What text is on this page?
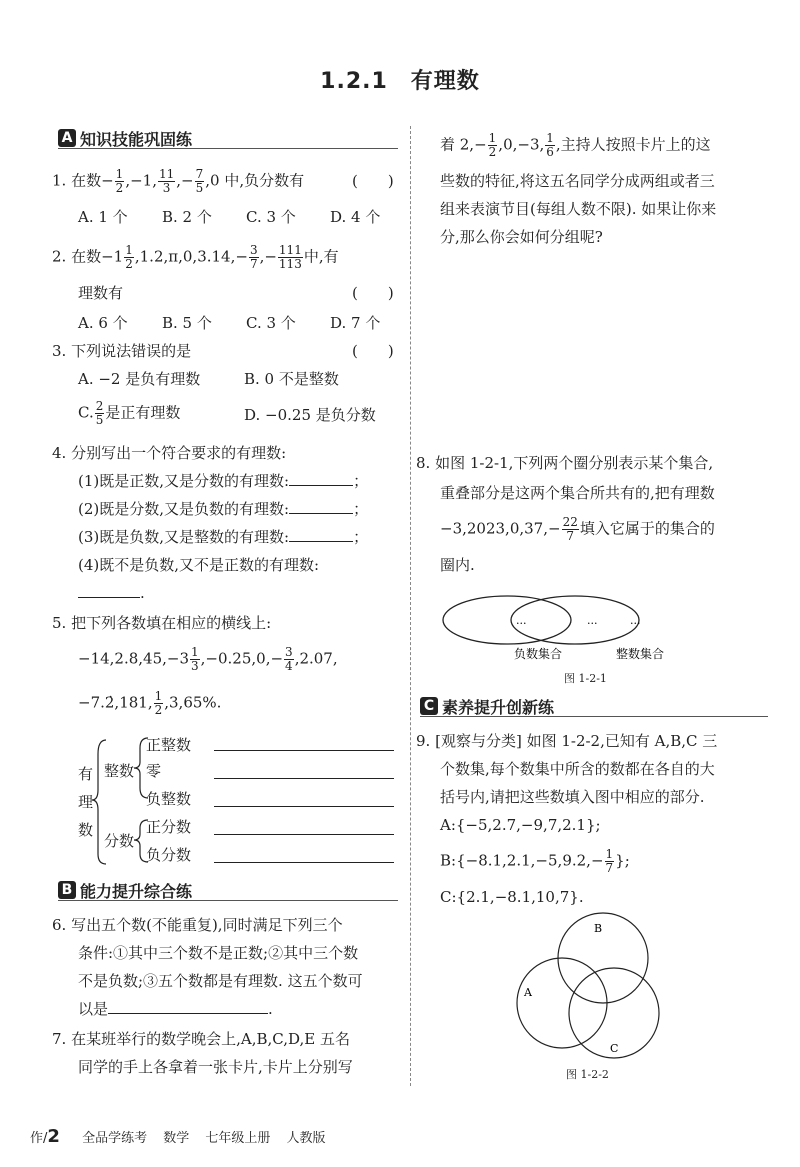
1.2.1　有理数
A 知识技能巩固练
1. 在数− $\frac{1}{2} ,-1$, $\frac{11}{3}$ ,− $\frac{7}{5} ,0$ 中,负分数有	(　　)
A. 1 个	B. 2 个	C. 3 个	D. 4 个
2. 在数$-1 \frac{1}{2} ,1.2,\pi,0,3.14,- \frac{3}{7}$ ,− $\frac{111}{113}$ 中,有
理数有	(　　)
A. 6 个	B. 5 个	C. 3 个	D. 7 个
3. 下列说法错误的是	(　　)
A. −2 是负有理数	B. 0 不是整数
C. $\frac{2}{5}$ 是正有理数	D. −0.25 是负分数
4. 分别写出一个符合要求的有理数:
(1)既是正数,又是分数的有理数:	；
(2)既是分数,又是负数的有理数:	；
(3)既是负数,又是整数的有理数:	；
(4)既不是负数,又不是正数的有理数:
.
5. 把下列各数填在相应的横线上:
$-14,2.8,45,-3 \frac{1}{3} ,-0.25,0,- \frac{3}{4} ,2.07$,
−7.2̇,181, $\frac{1}{2} ,3,65\%$.
有
理
数
整数
分数
正整数
零
负整数
正分数
负分数
B 能力提升综合练
6. 写出五个数(不能重复),同时满足下列三个
条件:①其中三个数不是正数;②其中三个数
不是负数;③五个数都是有理数. 这五个数可
以是	.
7. 在某班举行的数学晚会上,A,B,C,D,E 五名
同学的手上各拿着一张卡片,卡片上分别写
着 $2,- \frac{1}{2} ,0,-3$, $\frac{1}{6}$ ,主持人按照卡片上的这
些数的特征,将这五名同学分成两组或者三
组来表演节目(每组人数不限). 如果让你来
分,那么你会如何分组呢?
8. 如图 1-2-1,下列两个圈分别表示某个集合,
重叠部分是这两个集合所共有的,把有理数
$-3,2023,0,37,- \frac{22}{7}$ 填入它属于的集合的
圈内.
...	...	...
负数集合	整数集合
图 1-2-1
C 素养提升创新练
9. [观察与分类] 如图 1-2-2,已知有 A,B,C 三
个数集,每个数集中所含的数都在各自的大
括号内,请把这些数填入图中相应的部分.
A:{−5,2.7,−9,7,2.1};
B:{−8.1,2.1,−5,9.2,− $\frac{1}{7}$ };
C:{2.1,−8.1,10,7}.
B
A
C
图 1-2-2
作/2 全品学练考 数学 七年级上册 人教版
